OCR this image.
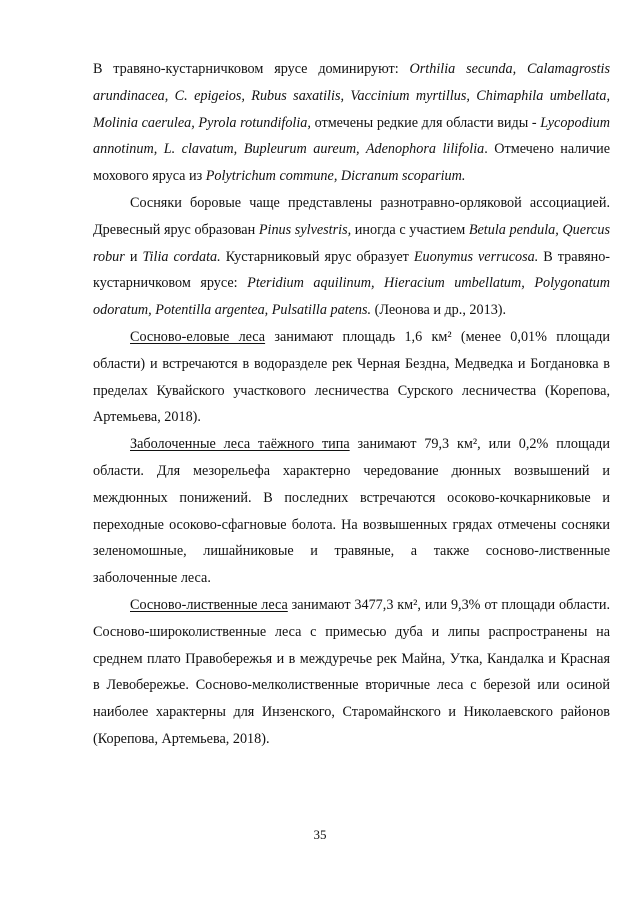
В травяно-кустарничковом ярусе доминируют: Orthilia secunda, Calamagrostis arundinacea, C. epigeios, Rubus saxatilis, Vaccinium myrtillus, Chimaphila umbellata, Molinia caerulea, Pyrola rotundifolia, отмечены редкие для области виды - Lycopodium annotinum, L. clavatum, Bupleurum aureum, Adenophora lilifolia. Отмечено наличие мохового яруса из Polytrichum commune, Dicranum scoparium.

Сосняки боровые чаще представлены разнотравно-орляковой ассоциацией. Древесный ярус образован Pinus sylvestris, иногда с участием Betula pendula, Quercus robur и Tilia cordata. Кустарниковый ярус образует Euonymus verrucosa. В травяно-кустарничковом ярусе: Pteridium aquilinum, Hieracium umbellatum, Polygonatum odoratum, Potentilla argentea, Pulsatilla patens. (Леонова и др., 2013).

Сосново-еловые леса занимают площадь 1,6 км² (менее 0,01% площади области) и встречаются в водоразделе рек Черная Бездна, Медведка и Богдановка в пределах Кувайского участкового лесничества Сурского лесничества (Корепова, Артемьева, 2018).

Заболоченные леса таёжного типа занимают 79,3 км², или 0,2% площади области. Для мезорельефа характерно чередование дюнных возвышений и междюнных понижений. В последних встречаются осоково-кочкарниковые и переходные осоково-сфагновые болота. На возвышенных грядах отмечены сосняки зеленомошные, лишайниковые и травяные, а также сосново-лиственные заболоченные леса.

Сосново-лиственные леса занимают 3477,3 км², или 9,3% от площади области. Сосново-широколиственные леса с примесью дуба и липы распространены на среднем плато Правобережья и в междуречье рек Майна, Утка, Кандалка и Красная в Левобережье. Сосново-мелколиственные вторичные леса с березой или осиной наиболее характерны для Инзенского, Старомайнского и Николаевского районов (Корепова, Артемьева, 2018).

35
